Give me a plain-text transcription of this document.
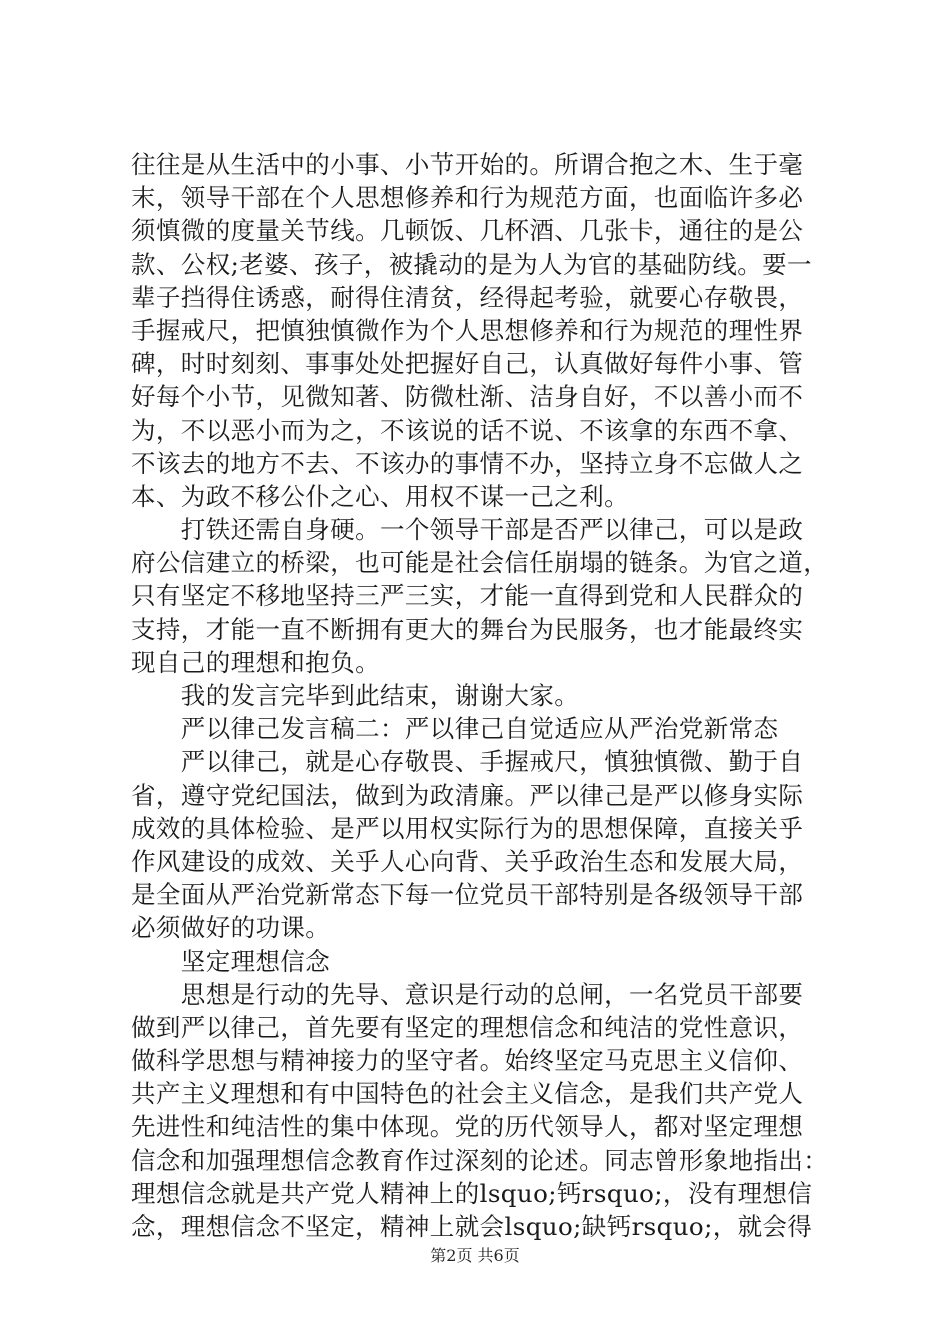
往往是从生活中的小事、小节开始的。所谓合抱之木、生于毫
末，领导干部在个人思想修养和行为规范方面，也面临许多必
须慎微的度量关节线。几顿饭、几杯酒、几张卡，通往的是公
款、公权;老婆、孩子，被撬动的是为人为官的基础防线。要一
辈子挡得住诱惑，耐得住清贫，经得起考验，就要心存敬畏，
手握戒尺，把慎独慎微作为个人思想修养和行为规范的理性界
碑，时时刻刻、事事处处把握好自己，认真做好每件小事、管
好每个小节，见微知著、防微杜渐、洁身自好，不以善小而不
为，不以恶小而为之，不该说的话不说、不该拿的东西不拿、
不该去的地方不去、不该办的事情不办，坚持立身不忘做人之
本、为政不移公仆之心、用权不谋一己之利。
　　打铁还需自身硬。一个领导干部是否严以律己，可以是政
府公信建立的桥梁，也可能是社会信任崩塌的链条。为官之道，
只有坚定不移地坚持三严三实，才能一直得到党和人民群众的
支持，才能一直不断拥有更大的舞台为民服务，也才能最终实
现自己的理想和抱负。
　　我的发言完毕到此结束，谢谢大家。
　　严以律己发言稿二：严以律己自觉适应从严治党新常态
　　严以律己，就是心存敬畏、手握戒尺，慎独慎微、勤于自
省，遵守党纪国法，做到为政清廉。严以律己是严以修身实际
成效的具体检验、是严以用权实际行为的思想保障，直接关乎
作风建设的成效、关乎人心向背、关乎政治生态和发展大局，
是全面从严治党新常态下每一位党员干部特别是各级领导干部
必须做好的功课。
　　坚定理想信念
　　思想是行动的先导、意识是行动的总闸，一名党员干部要
做到严以律己，首先要有坚定的理想信念和纯洁的党性意识，
做科学思想与精神接力的坚守者。始终坚定马克思主义信仰、
共产主义理想和有中国特色的社会主义信念，是我们共产党人
先进性和纯洁性的集中体现。党的历代领导人，都对坚定理想
信念和加强理想信念教育作过深刻的论述。同志曾形象地指出：
理想信念就是共产党人精神上的lsquo;钙rsquo;，没有理想信
念，理想信念不坚定，精神上就会lsquo;缺钙rsquo;，就会得
第2页 共6页
